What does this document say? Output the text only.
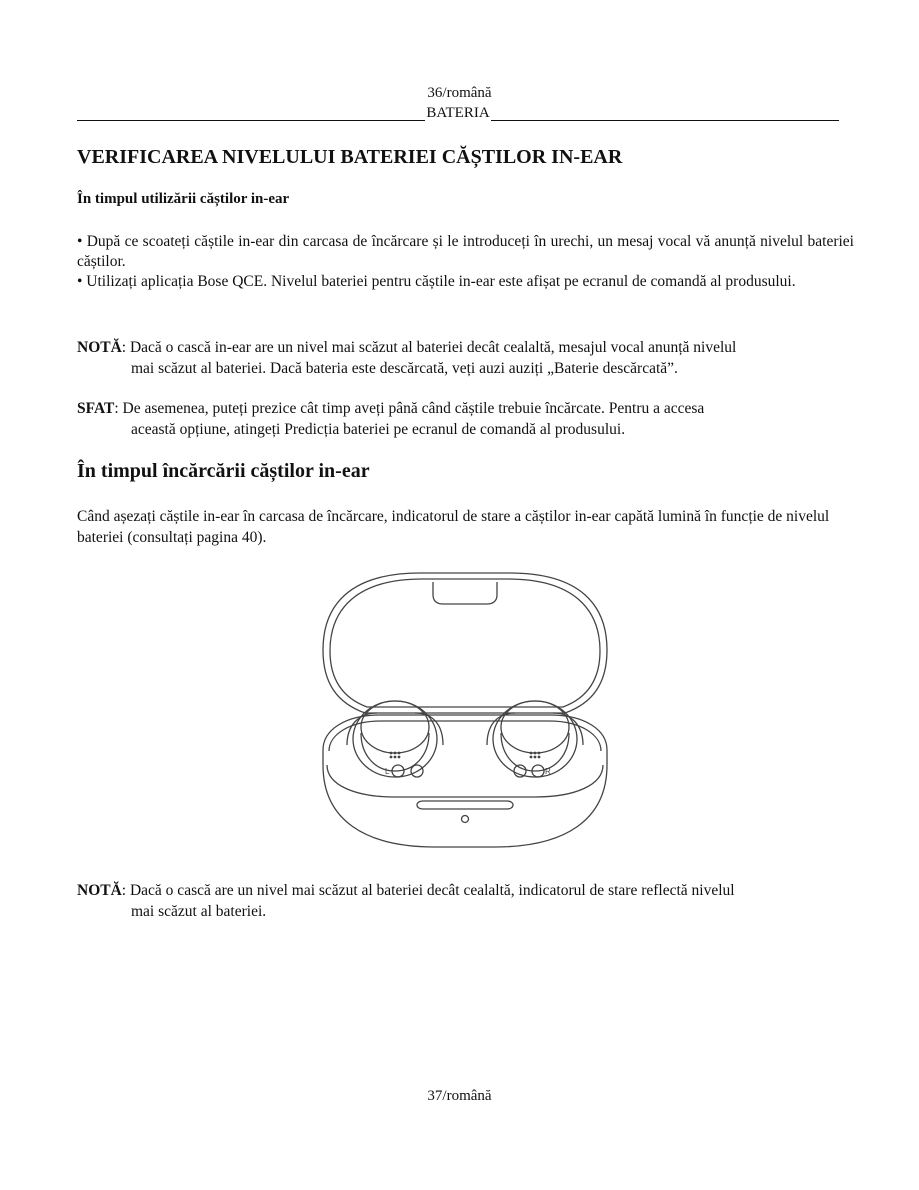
36/română
BATERIA
VERIFICAREA NIVELULUI BATERIEI CĂȘTILOR IN-EAR
În timpul utilizării căștilor in-ear

• După ce scoateți căștile in-ear din carcasa de încărcare și le introduceți în urechi, un mesaj vocal vă anunță nivelul bateriei căștilor.

• Utilizați aplicația Bose QCE. Nivelul bateriei pentru căștile in-ear este afișat pe ecranul de comandă al produsului.

NOTĂ: Dacă o cască in-ear are un nivel mai scăzut al bateriei decât cealaltă, mesajul vocal anunță nivelul

mai scăzut al bateriei. Dacă bateria este descărcată, veți auzi auziți „Baterie descărcată”.

SFAT: De asemenea, puteți prezice cât timp aveți până când căștile trebuie încărcate. Pentru a accesa

această opțiune, atingeți Predicția bateriei pe ecranul de comandă al produsului.

În timpul încărcării căștilor in-ear

Când așezați căștile in-ear în carcasa de încărcare, indicatorul de stare a căștilor in-ear capătă lumină în funcție de nivelul bateriei (consultați pagina 40).

L	R

NOTĂ: Dacă o cască are un nivel mai scăzut al bateriei decât cealaltă, indicatorul de stare reflectă nivelul

mai scăzut al bateriei.

37/română
